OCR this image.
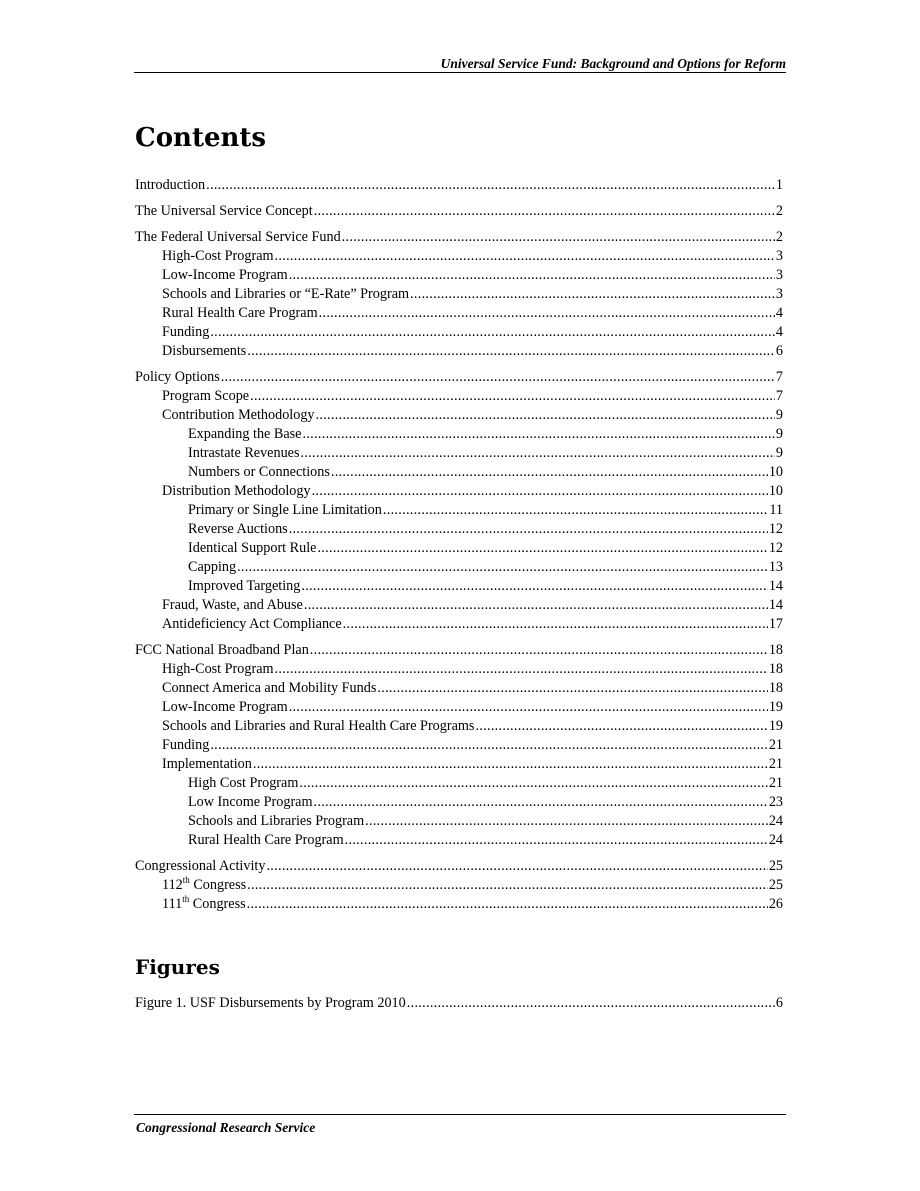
Universal Service Fund: Background and Options for Reform
Contents
Introduction .....	1
The Universal Service Concept .....	2
The Federal Universal Service Fund .....	2
High-Cost Program .....	3
Low-Income Program .....	3
Schools and Libraries or “E-Rate” Program .....	3
Rural Health Care Program .....	4
Funding .....	4
Disbursements .....	6
Policy Options .....	7
Program Scope .....	7
Contribution Methodology .....	9
Expanding the Base .....	9
Intrastate Revenues .....	9
Numbers or Connections .....	10
Distribution Methodology .....	10
Primary or Single Line Limitation .....	11
Reverse Auctions .....	12
Identical Support Rule .....	12
Capping .....	13
Improved Targeting .....	14
Fraud, Waste, and Abuse .....	14
Antideficiency Act Compliance .....	17
FCC National Broadband Plan .....	18
High-Cost Program .....	18
Connect America and Mobility Funds .....	18
Low-Income Program .....	19
Schools and Libraries and Rural Health Care Programs .....	19
Funding .....	21
Implementation .....	21
High Cost Program .....	21
Low Income Program .....	23
Schools and Libraries Program .....	24
Rural Health Care Program .....	24
Congressional Activity .....	25
112th Congress .....	25
111th Congress .....	26
Figures
Figure 1. USF Disbursements by Program 2010 .....	6
Congressional Research Service
